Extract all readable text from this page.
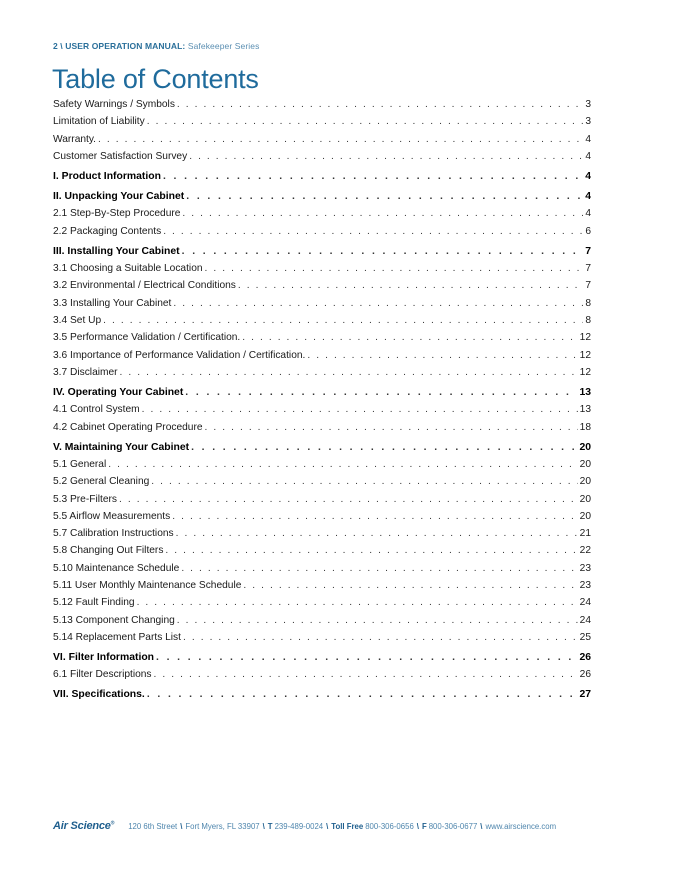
2 \ USER OPERATION MANUAL: Safekeeper Series
Table of Contents
Safety Warnings / Symbols . . .	3
Limitation of Liability . . .	3
Warranty. . . .	4
Customer Satisfaction Survey . . .	4
I. Product Information . . .	4
II. Unpacking Your Cabinet . . .	4
2.1 Step-By-Step Procedure . . .	4
2.2 Packaging Contents . . .	6
III. Installing Your Cabinet . . .	7
3.1 Choosing a Suitable Location . . .	7
3.2 Environmental / Electrical Conditions . . .	7
3.3 Installing Your Cabinet . . .	8
3.4 Set Up . . .	8
3.5 Performance Validation / Certification. . . .	12
3.6 Importance of Performance Validation / Certification. . . .	12
3.7 Disclaimer . . .	12
IV. Operating Your Cabinet . . .	13
4.1 Control System . . .	13
4.2 Cabinet Operating Procedure . . .	18
V. Maintaining Your Cabinet . . .	20
5.1 General . . .	20
5.2 General Cleaning . . .	20
5.3 Pre-Filters . . .	20
5.5 Airflow Measurements . . .	20
5.7 Calibration Instructions . . .	21
5.8 Changing Out Filters . . .	22
5.10 Maintenance Schedule . . .	23
5.11 User Monthly Maintenance Schedule . . .	23
5.12 Fault Finding . . .	24
5.13 Component Changing . . .	24
5.14 Replacement Parts List . . .	25
VI. Filter Information . . .	26
6.1 Filter Descriptions . . .	26
VII. Specifications. . . .	27
Air Science® 120 6th Street \ Fort Myers, FL 33907 \ T 239-489-0024 \ Toll Free 800-306-0656 \ F 800-306-0677 \ www.airscience.com
